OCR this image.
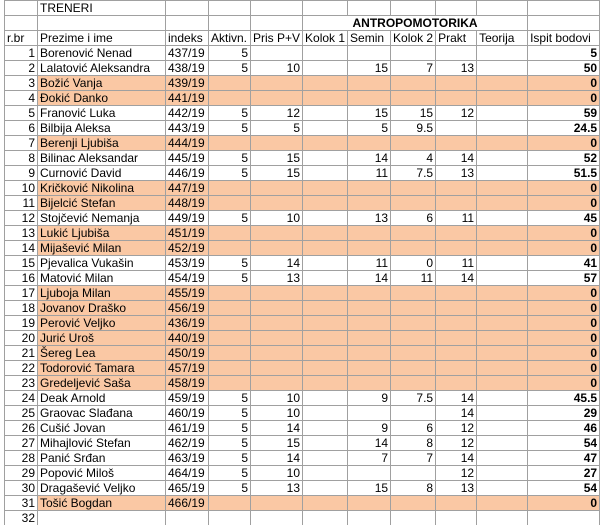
	TRENERI									
					ANTROPOMOTORIKA					
r.br	Prezime i ime	indeks	Aktivn.	Pris P+V	Kolok 1	Semin	Kolok 2	Prakt	Teorija	Ispit bodovi
1	Borenović Nenad	437/19	5							5
2	Lalatović Aleksandra	438/19	5	10		15	7	13		50
3	Božić Vanja	439/19								0
4	Đokić Danko	441/19								0
5	Franović Luka	442/19	5	12		15	15	12		59
6	Bilbija Aleksa	443/19	5	5		5	9.5			24.5
7	Berenji Ljubiša	444/19								0
8	Bilinac Aleksandar	445/19	5	15		14	4	14		52
9	Curnović David	446/19	5	15		11	7.5	13		51.5
10	Kričković Nikolina	447/19								0
11	Bijelcić Stefan	448/19								0
12	Stojčević Nemanja	449/19	5	10		13	6	11		45
13	Lukić Ljubiša	451/19								0
14	Mijašević Milan	452/19								0
15	Pjevalica Vukašin	453/19	5	14		11	0	11		41
16	Matović Milan	454/19	5	13		14	11	14		57
17	Ljuboja Milan	455/19								0
18	Jovanov Draško	456/19								0
19	Perović Veljko	436/19								0
20	Jurić Uroš	440/19								0
21	Šereg Lea	450/19								0
22	Todorović Tamara	457/19								0
23	Gredeljević Saša	458/19								0
24	Deak Arnold	459/19	5	10		9	7.5	14		45.5
25	Graovac Slađana	460/19	5	10				14		29
26	Cušić Jovan	461/19	5	14		9	6	12		46
27	Mihajlović Stefan	462/19	5	15		14	8	12		54
28	Panić Srđan	463/19	5	14		7	7	14		47
29	Popović Miloš	464/19	5	10				12		27
30	Dragašević Veljko	465/19	5	13		15	8	13		54
31	Tošić Bogdan	466/19								0
32										
